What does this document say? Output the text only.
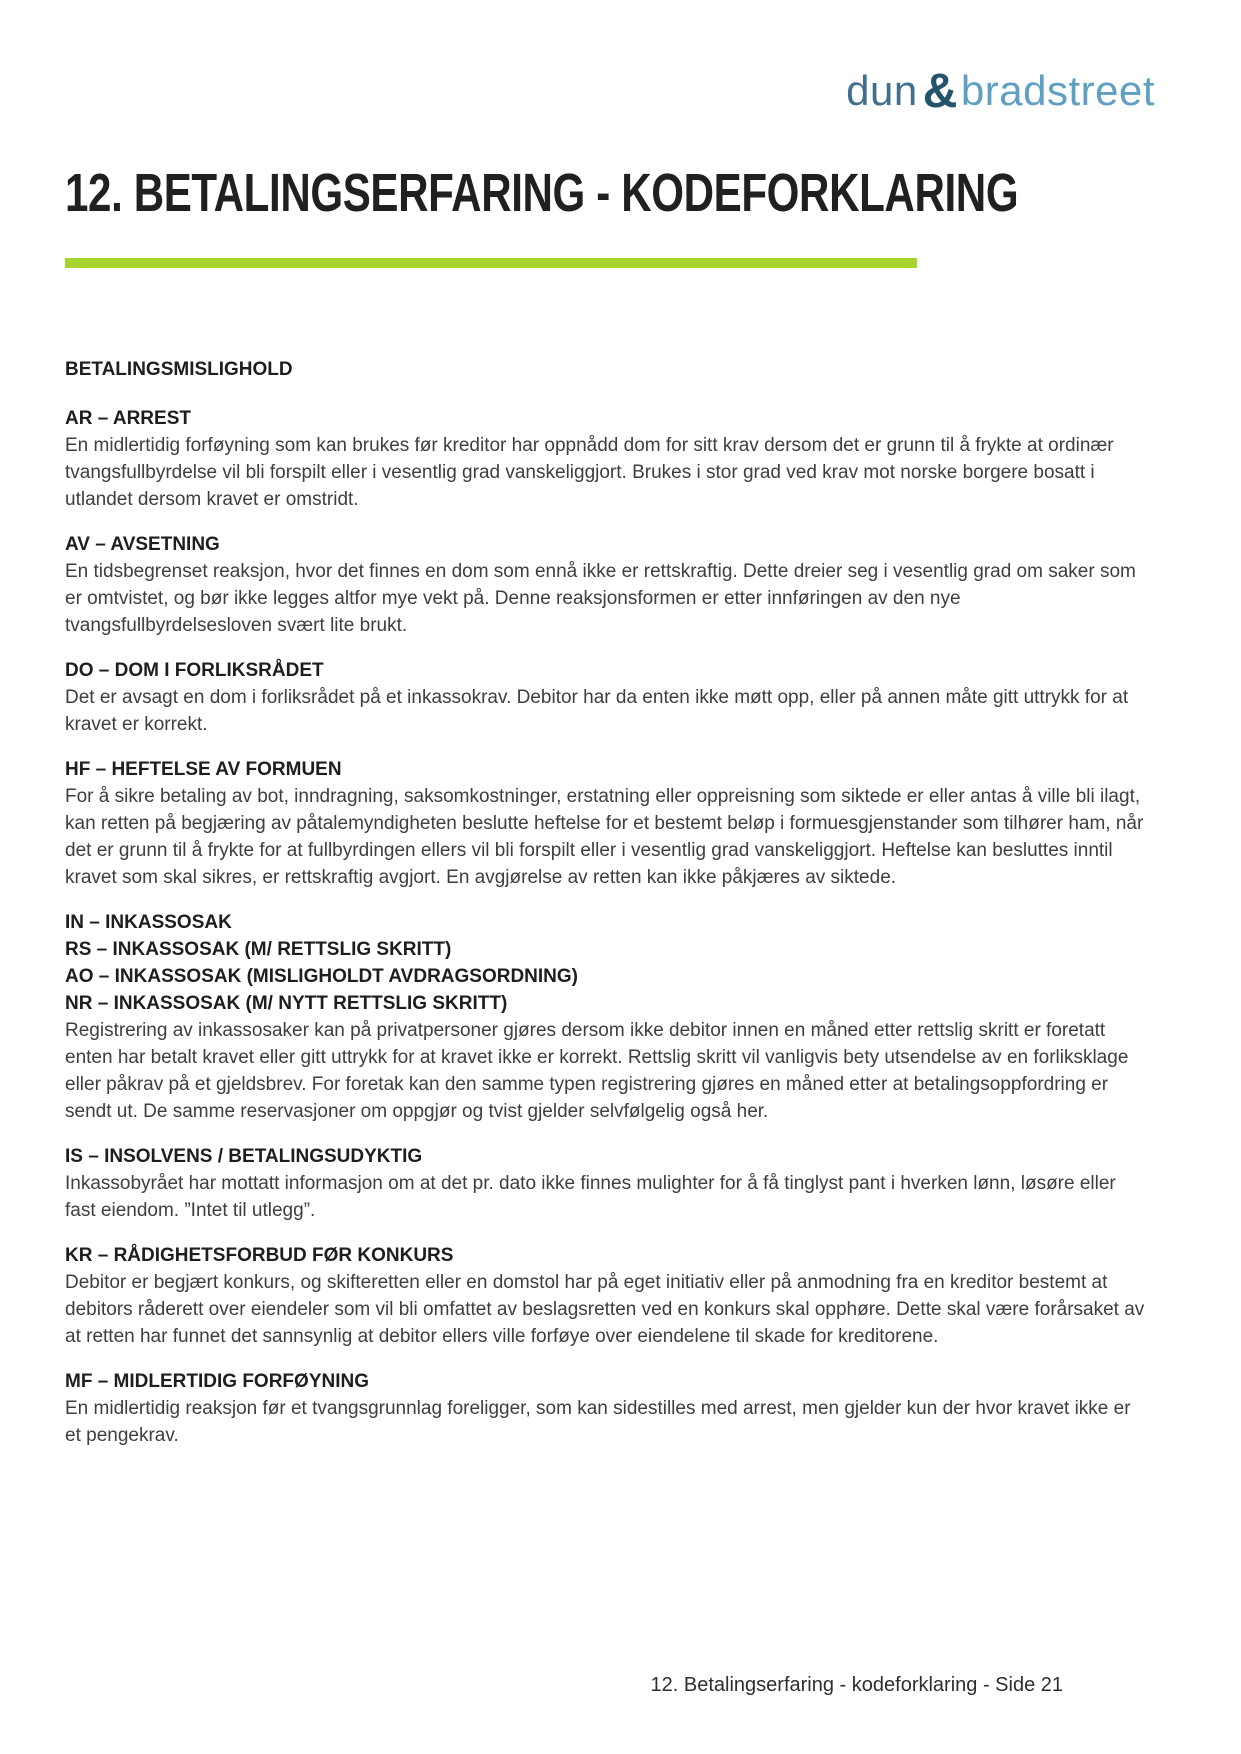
dun &bradstreet
12. BETALINGSERFARING - KODEFORKLARING
BETALINGSMISLIGHOLD

AR – ARREST

En midlertidig forføyning som kan brukes før kreditor har oppnådd dom for sitt krav dersom det er grunn til å frykte at ordinær tvangsfullbyrdelse vil bli forspilt eller i vesentlig grad vanskeliggjort. Brukes i stor grad ved krav mot norske borgere bosatt i utlandet dersom kravet er omstridt.

AV – AVSETNING

En tidsbegrenset reaksjon, hvor det finnes en dom som ennå ikke er rettskraftig. Dette dreier seg i vesentlig grad om saker som er omtvistet, og bør ikke legges altfor mye vekt på. Denne reaksjonsformen er etter innføringen av den nye tvangsfullbyrdelsesloven svært lite brukt.

DO – DOM I FORLIKSRÅDET

Det er avsagt en dom i forliksrådet på et inkassokrav. Debitor har da enten ikke møtt opp, eller på annen måte gitt uttrykk for at kravet er korrekt.

HF – HEFTELSE AV FORMUEN

For å sikre betaling av bot, inndragning, saksomkostninger, erstatning eller oppreisning som siktede er eller antas å ville bli ilagt, kan retten på begjæring av påtalemyndigheten beslutte heftelse for et bestemt beløp i formuesgjenstander som tilhører ham, når det er grunn til å frykte for at fullbyrdingen ellers vil bli forspilt eller i vesentlig grad vanskeliggjort. Heftelse kan besluttes inntil kravet som skal sikres, er rettskraftig avgjort. En avgjørelse av retten kan ikke påkjæres av siktede.

IN – INKASSOSAK

RS – INKASSOSAK (M/ RETTSLIG SKRITT)

AO – INKASSOSAK (MISLIGHOLDT AVDRAGSORDNING)

NR – INKASSOSAK (M/ NYTT RETTSLIG SKRITT)

Registrering av inkassosaker kan på privatpersoner gjøres dersom ikke debitor innen en måned etter rettslig skritt er foretatt enten har betalt kravet eller gitt uttrykk for at kravet ikke er korrekt. Rettslig skritt vil vanligvis bety utsendelse av en forliksklage eller påkrav på et gjeldsbrev. For foretak kan den samme typen registrering gjøres en måned etter at betalingsoppfordring er sendt ut. De samme reservasjoner om oppgjør og tvist gjelder selvfølgelig også her.

IS – INSOLVENS / BETALINGSUDYKTIG

Inkassobyrået har mottatt informasjon om at det pr. dato ikke finnes mulighter for å få tinglyst pant i hverken lønn, løsøre eller fast eiendom. ”Intet til utlegg”.

KR – RÅDIGHETSFORBUD FØR KONKURS

Debitor er begjært konkurs, og skifteretten eller en domstol har på eget initiativ eller på anmodning fra en kreditor bestemt at debitors råderett over eiendeler som vil bli omfattet av beslagsretten ved en konkurs skal opphøre. Dette skal være forårsaket av at retten har funnet det sannsynlig at debitor ellers ville forføye over eiendelene til skade for kreditorene.

MF – MIDLERTIDIG FORFØYNING

En midlertidig reaksjon før et tvangsgrunnlag foreligger, som kan sidestilles med arrest, men gjelder kun der hvor kravet ikke er et pengekrav.

12. Betalingserfaring - kodeforklaring - Side 21
